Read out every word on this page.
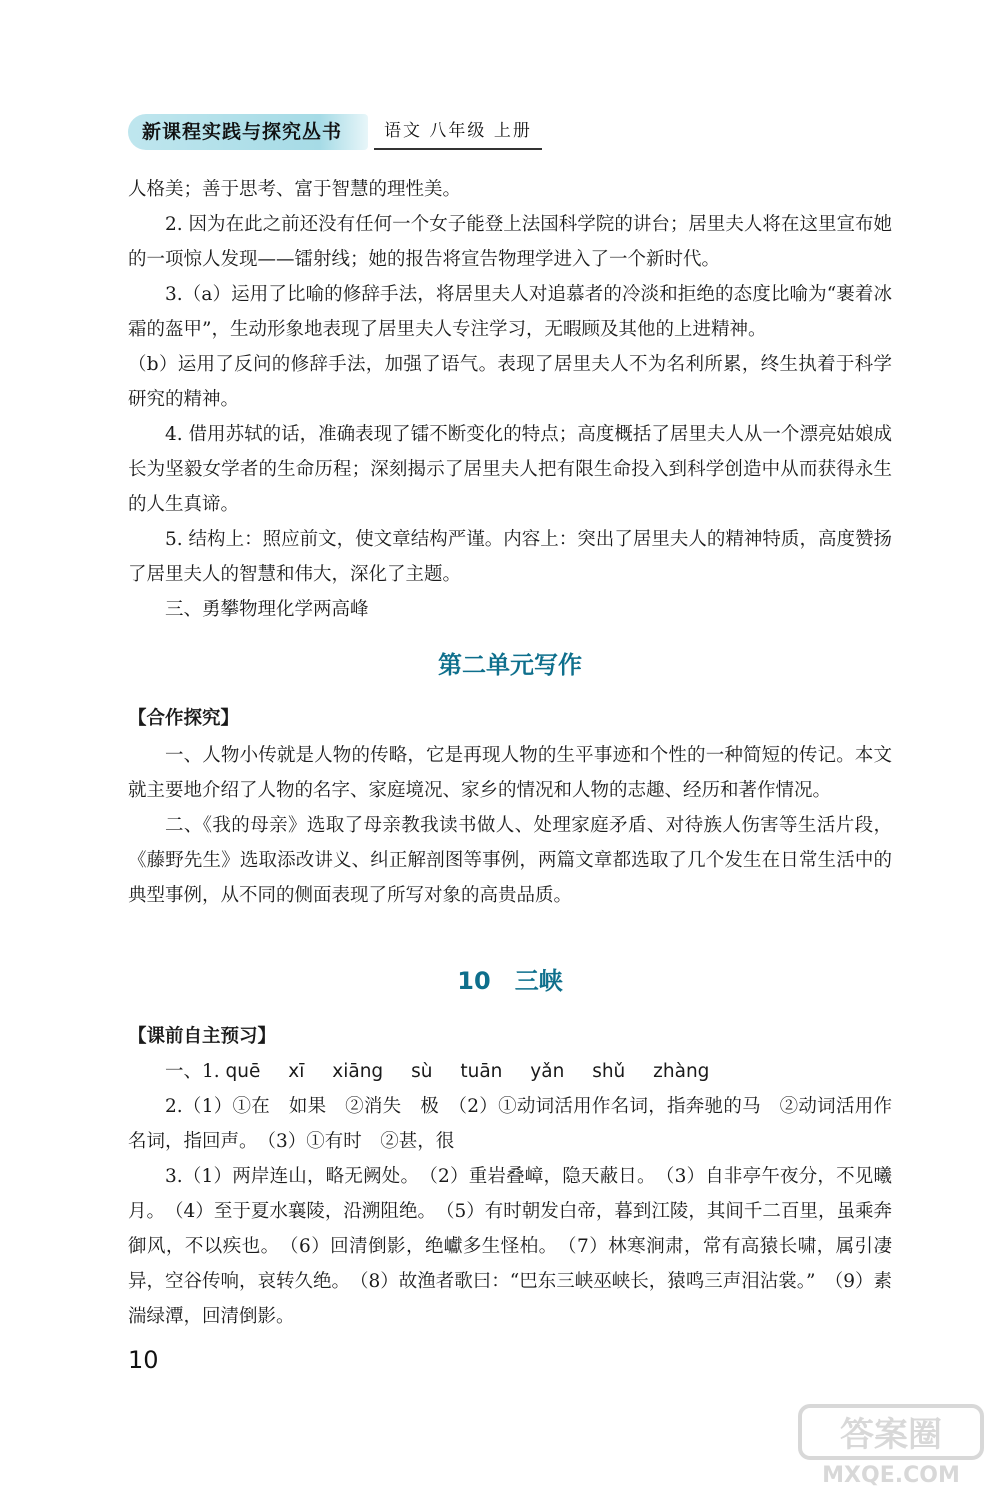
新课程实践与探究丛书	语文 八年级 上册

人格美；善于思考、富于智慧的理性美。

2. 因为在此之前还没有任何一个女子能登上法国科学院的讲台；居里夫人将在这里宣布她的一项惊人发现——镭射线；她的报告将宣告物理学进入了一个新时代。

3.（a）运用了比喻的修辞手法，将居里夫人对追慕者的冷淡和拒绝的态度比喻为“裹着冰霜的盔甲”，生动形象地表现了居里夫人专注学习，无暇顾及其他的上进精神。

（b）运用了反问的修辞手法，加强了语气。表现了居里夫人不为名利所累，终生执着于科学研究的精神。

4. 借用苏轼的话，准确表现了镭不断变化的特点；高度概括了居里夫人从一个漂亮姑娘成长为坚毅女学者的生命历程；深刻揭示了居里夫人把有限生命投入到科学创造中从而获得永生的人生真谛。

5. 结构上：照应前文，使文章结构严谨。内容上：突出了居里夫人的精神特质，高度赞扬了居里夫人的智慧和伟大，深化了主题。

三、勇攀物理化学两高峰

第二单元写作
【合作探究】

一、人物小传就是人物的传略，它是再现人物的生平事迹和个性的一种简短的传记。本文就主要地介绍了人物的名字、家庭境况、家乡的情况和人物的志趣、经历和著作情况。

二、《我的母亲》选取了母亲教我读书做人、处理家庭矛盾、对待族人伤害等生活片段，《藤野先生》选取添改讲义、纠正解剖图等事例，两篇文章都选取了几个发生在日常生活中的典型事例，从不同的侧面表现了所写对象的高贵品质。

10　三峡
【课前自主预习】

一、1. quē xī xiāng sù tuān yǎn shǔ zhàng

2.（1）①在　如果　②消失　极　（2）①动词活用作名词，指奔驰的马　②动词活用作名词，指回声。　（3）①有时　②甚，很

3.（1）两岸连山，略无阙处。　（2）重岩叠嶂，隐天蔽日。　（3）自非亭午夜分，不见曦月。　（4）至于夏水襄陵，沿溯阻绝。　（5）有时朝发白帝，暮到江陵，其间千二百里，虽乘奔御风，不以疾也。　（6）回清倒影，绝巘多生怪柏。　（7）林寒涧肃，常有高猿长啸，属引凄异，空谷传响，哀转久绝。　（8）故渔者歌曰：“巴东三峡巫峡长，猿鸣三声泪沾裳。”　（9）素湍绿潭，回清倒影。

10
答案圈
MXQE.COM
